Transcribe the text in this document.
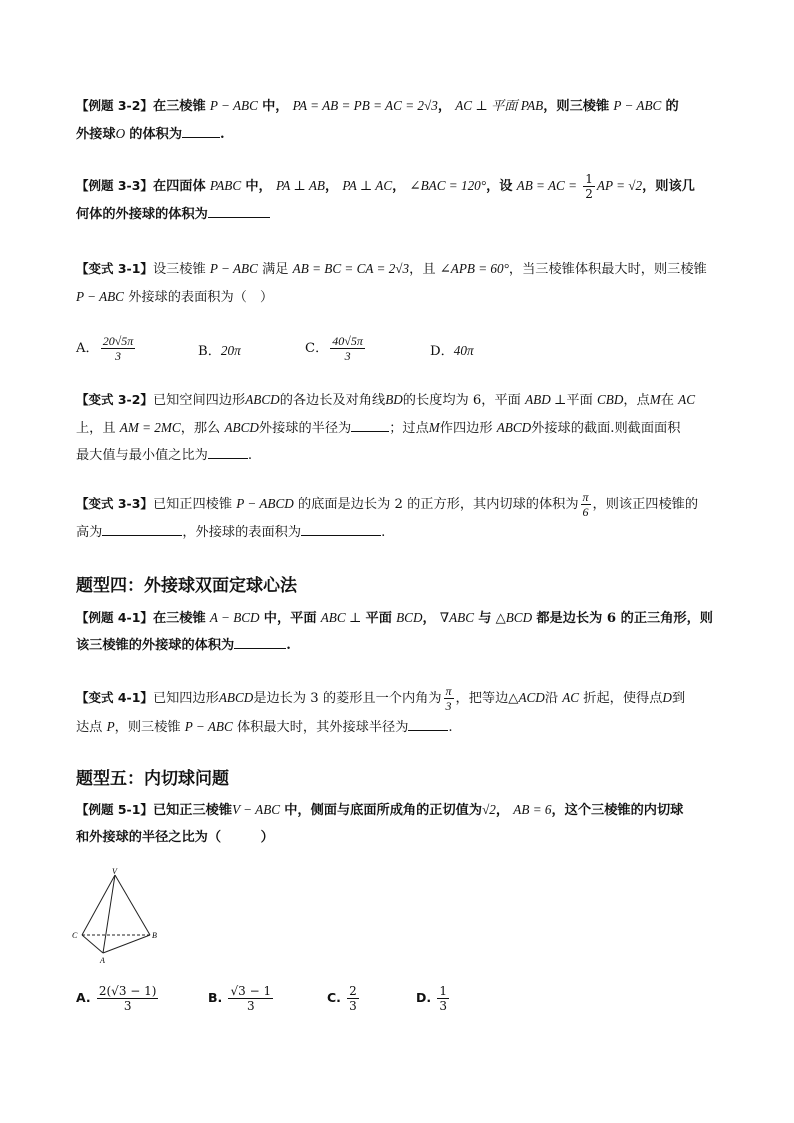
【例题 3-2】在三棱锥 P − ABC 中， PA = AB = PB = AC = 2√3， AC ⊥ 平面 PAB，则三棱锥 P − ABC 的
外接球O 的体积为	.
【例题 3-3】在四面体 PABC 中， PA ⊥ AB， PA ⊥ AC， ∠BAC = 120°，设 AB = AC = $\frac{1}{2}$ AP = √2，则该几
何体的外接球的体积为
【变式 3-1】设三棱锥 P − ABC 满足 AB = BC = CA = 2√3，且 ∠APB = 60°，当三棱锥体积最大时，则三棱锥
P − ABC 外接球的表面积为（　）
A． $\frac{20√5\pi}{3}$	B．20π	C． $\frac{40√5\pi}{3}$	D．40π
【变式 3-2】已知空间四边形ABCD的各边长及对角线BD的长度均为 6，平面 ABD ⊥平面 CBD，点M在 AC
上，且 AM = 2MC，那么 ABCD外接球的半径为	；过点M作四边形 ABCD外接球的截面.则截面面积
最大值与最小值之比为	.
【变式 3-3】已知正四棱锥 P − ABCD 的底面是边长为 2 的正方形，其内切球的体积为 $\frac{\pi}{6}$ ，则该正四棱锥的
高为	，外接球的表面积为	.
题型四：外接球双面定球心法
【例题 4-1】在三棱锥 A − BCD 中，平面 ABC ⊥ 平面 BCD， ∇ABC 与 △BCD 都是边长为 6 的正三角形，则
该三棱锥的外接球的体积为	.
【变式 4-1】已知四边形ABCD是边长为 3 的菱形且一个内角为 $\frac{\pi}{3}$ ，把等边△ACD沿 AC 折起，使得点D到
达点 P，则三棱锥 P − ABC 体积最大时，其外接球半径为	.
题型五：内切球问题
【例题 5-1】已知正三棱锥V − ABC 中，侧面与底面所成角的正切值为√2， AB = 6，这个三棱锥的内切球
和外接球的半径之比为（　　　）
V
C	B
A
A. $\frac{2(√3 - 1)}{3}$	B. $\frac{√3 - 1}{3}$	C. $\frac{2}{3}$	D. $\frac{1}{3}$
